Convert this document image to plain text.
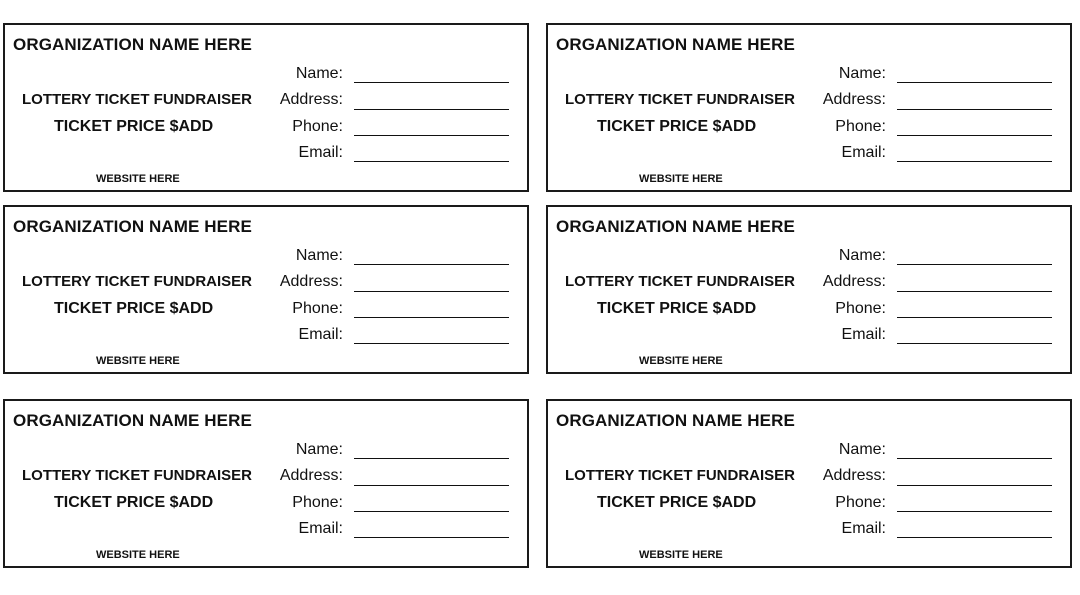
ORGANIZATION NAME HERE
LOTTERY TICKET FUNDRAISER
TICKET PRICE $ADD
WEBSITE HERE
Name:
Address:
Phone:
Email:
ORGANIZATION NAME HERE
LOTTERY TICKET FUNDRAISER
TICKET PRICE $ADD
WEBSITE HERE
Name:
Address:
Phone:
Email:
ORGANIZATION NAME HERE
LOTTERY TICKET FUNDRAISER
TICKET PRICE $ADD
WEBSITE HERE
Name:
Address:
Phone:
Email:
ORGANIZATION NAME HERE
LOTTERY TICKET FUNDRAISER
TICKET PRICE $ADD
WEBSITE HERE
Name:
Address:
Phone:
Email:
ORGANIZATION NAME HERE
LOTTERY TICKET FUNDRAISER
TICKET PRICE $ADD
WEBSITE HERE
Name:
Address:
Phone:
Email:
ORGANIZATION NAME HERE
LOTTERY TICKET FUNDRAISER
TICKET PRICE $ADD
WEBSITE HERE
Name:
Address:
Phone:
Email:
